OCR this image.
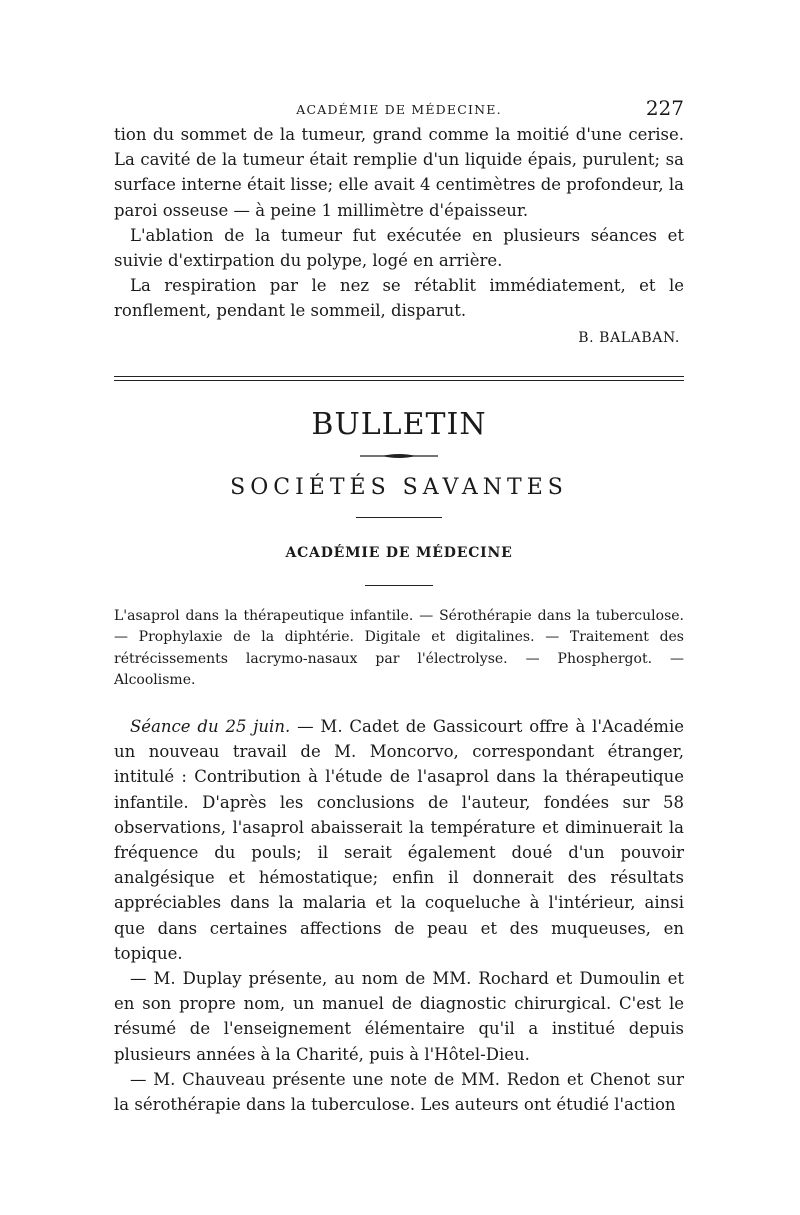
ACADÉMIE DE MÉDECINE.	227

tion du sommet de la tumeur, grand comme la moitié d'une cerise. La cavité de la tumeur était remplie d'un liquide épais, purulent; sa surface interne était lisse; elle avait 4 centimètres de profondeur, la paroi osseuse — à peine 1 millimètre d'épaisseur.

L'ablation de la tumeur fut exécutée en plusieurs séances et suivie d'extirpation du polype, logé en arrière.

La respiration par le nez se rétablit immédiatement, et le ronflement, pendant le sommeil, disparut.

B. BALABAN.
BULLETIN
SOCIÉTÉS SAVANTES
ACADÉMIE DE MÉDECINE

L'asaprol dans la thérapeutique infantile. — Sérothérapie dans la tuberculose. — Prophylaxie de la diphtérie. Digitale et digitalines. — Traitement des rétrécissements lacrymo-nasaux par l'électrolyse. — Phosphergot. — Alcoolisme.

Séance du 25 juin. — M. Cadet de Gassicourt offre à l'Académie un nouveau travail de M. Moncorvo, correspondant étranger, intitulé : Contribution à l'étude de l'asaprol dans la thérapeutique infantile. D'après les conclusions de l'auteur, fondées sur 58 observations, l'asaprol abaisserait la température et diminuerait la fréquence du pouls; il serait également doué d'un pouvoir analgésique et hémostatique; enfin il donnerait des résultats appréciables dans la malaria et la coqueluche à l'intérieur, ainsi que dans certaines affections de peau et des muqueuses, en topique.

— M. Duplay présente, au nom de MM. Rochard et Dumoulin et en son propre nom, un manuel de diagnostic chirurgical. C'est le résumé de l'enseignement élémentaire qu'il a institué depuis plusieurs années à la Charité, puis à l'Hôtel-Dieu.

— M. Chauveau présente une note de MM. Redon et Chenot sur la sérothérapie dans la tuberculose. Les auteurs ont étudié l'action
